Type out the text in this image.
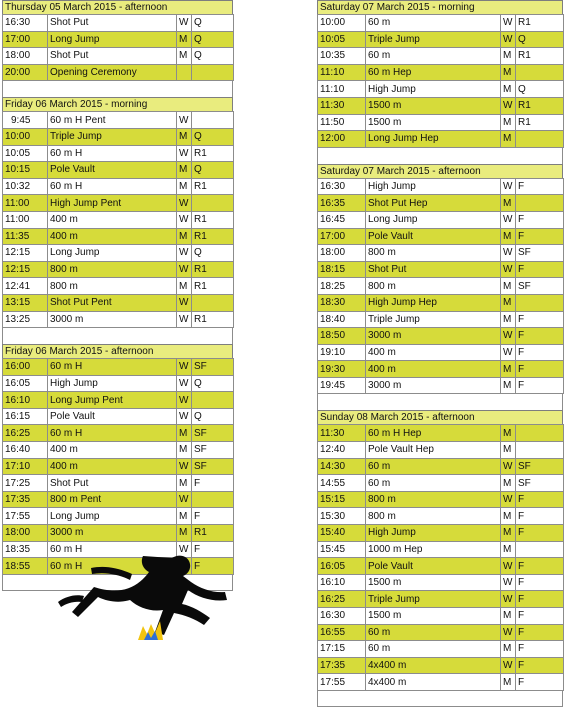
Thursday 05 March 2015 - afternoon
16:30	Shot Put	W	Q
17:00	Long Jump	M	Q
18:00	Shot Put	M	Q
20:00	Opening Ceremony		
Friday 06 March 2015 - morning
9:45	60 m H Pent	W	
10:00	Triple Jump	M	Q
10:05	60 m H	W	R1
10:15	Pole Vault	M	Q
10:32	60 m H	M	R1
11:00	High Jump Pent	W	
11:00	400 m	W	R1
11:35	400 m	M	R1
12:15	Long Jump	W	Q
12:15	800 m	W	R1
12:41	800 m	M	R1
13:15	Shot Put Pent	W	
13:25	3000 m	W	R1
Friday 06 March 2015 - afternoon
16:00	60 m H	W	SF
16:05	High Jump	W	Q
16:10	Long Jump Pent	W	
16:15	Pole Vault	W	Q
16:25	60 m H	M	SF
16:40	400 m	M	SF
17:10	400 m	W	SF
17:25	Shot Put	M	F
17:35	800 m Pent	W	
17:55	Long Jump	M	F
18:00	3000 m	M	R1
18:35	60 m H	W	F
18:55	60 m H		F
Saturday 07 March 2015 - morning
10:00	60 m	W	R1
10:05	Triple Jump	W	Q
10:35	60 m	M	R1
11:10	60 m Hep	M	
11:10	High Jump	M	Q
11:30	1500 m	W	R1
11:50	1500 m	M	R1
12:00	Long Jump Hep	M	
Saturday 07 March 2015 - afternoon
16:30	High Jump	W	F
16:35	Shot Put Hep	M	
16:45	Long Jump	W	F
17:00	Pole Vault	M	F
18:00	800 m	W	SF
18:15	Shot Put	W	F
18:25	800 m	M	SF
18:30	High Jump Hep	M	
18:40	Triple Jump	M	F
18:50	3000 m	W	F
19:10	400 m	W	F
19:30	400 m	M	F
19:45	3000 m	M	F
Sunday 08 March 2015 - afternoon
11:30	60 m H Hep	M	
12:40	Pole Vault Hep	M	
14:30	60 m	W	SF
14:55	60 m	M	SF
15:15	800 m	W	F
15:30	800 m	M	F
15:40	High Jump	M	F
15:45	1000 m Hep	M	
16:05	Pole Vault	W	F
16:10	1500 m	W	F
16:25	Triple Jump	W	F
16:30	1500 m	M	F
16:55	60 m	W	F
17:15	60 m	M	F
17:35	4x400 m	W	F
17:55	4x400 m	M	F
